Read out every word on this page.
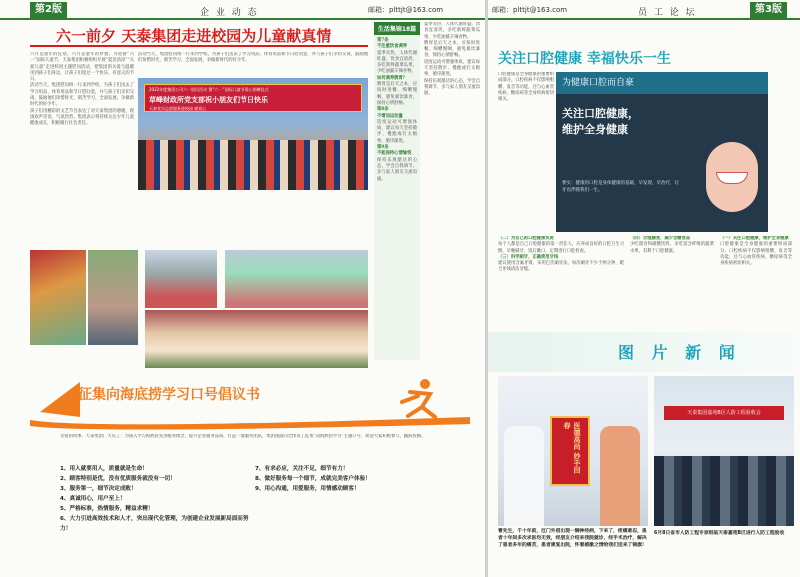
第2版	企 业 动 态	邮箱：plttjt@163.com
六一前夕 天泰集团走进校园为儿童献真情

六月是童年的狂欢，六月是童年的梦想。为迎接“六一”国际儿童节，天泰集团积极组织开展“夏送清凉”“关爱儿童”走进校园主题慰问活动，把集团的关爱与温暖送到孩子们身边，让孩子们度过一个快乐、有意义的节日。

活动当天，集团慰问组一行来到学校，为孩子们送去了学习用品、体育用品和节日慰问金，并与孩子们亲切交谈，鼓励他们珍惜时光、刻苦学习、全面发展，争做新时代的好少年。

孩子们用精彩的文艺节目表达了对天泰集团的感谢，现场欢声笑语，气氛热烈。集团表示将持续关注少年儿童健康成长，积极履行社会责任。

活动当天，集团慰问组一行来到学校，为孩子们送去了学习用品、体育用品和节日慰问金，并与孩子们亲切交谈，鼓励他们珍惜时光、刻苦学习、全面发展，争做新时代的好少年。

2022年度集团公司六一慰问活动 暨“六一”国际儿童节爱心捐赠仪式
草峰财政所党支部祝小朋友们节日快乐
天泰党员志愿服务进校园 献爱心
生活集锦18篇
第7条
不注重饮食调养
夏季炎热，人体代谢旺盛，饮食宜清淡，多吃新鲜蔬菜瓜果，少吃油腻辛辣食物。
如何调养脾胃？
脾胃是后天之本，应按时进餐、细嚼慢咽，避免暴饮暴食，保持心情舒畅。
第8条
不增加运动量
适度运动可增强体质，建议每天坚持散步、慢跑或打太极拳，循序渐进。
第9条
不能保持心情愉悦
保持乐观豁达的心态，学会自我调节，多与家人朋友交流沟通。
夏季炎热，人体代谢旺盛，饮食宜清淡，多吃新鲜蔬菜瓜果，少吃油腻辛辣食物。
脾胃是后天之本，应按时进餐、细嚼慢咽，避免暴饮暴食，保持心情舒畅。
适度运动可增强体质，建议每天坚持散步、慢跑或打太极拳，循序渐进。
保持乐观豁达的心态，学会自我调节，多与家人朋友交流沟通。
征集向海底捞学习口号倡议书
亲爱的同事、天泰集团广大员工：为深入学习海底捞先进服务理念，提升企业服务品质，打造一流服务团队，集团现面向全体员工征集“向海底捞学习”主题口号，欢迎大家积极参与，踊跃投稿。
1、用人就要用人，质量就是生命！
2、顾客特别是优，没有优质服务就没有一切！
3、服务第一，细节决定成败！
4、真诚用心，用户至上！
5、严格标准，热情服务，精益求精！
6、大力引进高效技术和人才，突出现代化管理，为创建企业发展新局面而努力！
7、有求必应，关注不足，细节有力！
8、做好服务每一个细节，成就完美客户体验！
9、用心沟通，用爱服务，用情感动顾客！
邮箱：plttjt@163.com	员 工 论 坛	第3版
关注口腔健康 幸福快乐一生
为健康口腔而自豪
关注口腔健康，
维护全身健康
要实：健康的口腔是身体健康的基础，早发现、早治疗，让牙齿伴随我们一生。
口腔健康是全身健康的重要组成部分。口腔疾病不仅影响咀嚼、发音等功能，还与心血管疾病、糖尿病等全身疾病密切相关。
（二）为自己的口腔健康负责
每个人都是自己口腔健康的第一责任人，应养成良好的口腔卫生习惯，早晚刷牙，饭后漱口，定期进行口腔检查。
（三）科学刷牙，正确使用牙线
建议使用含氟牙膏，采用巴氏刷牙法，每次刷牙不少于两分钟，配合牙线清洁牙缝。
（四）合理膳食，减少含糖食品
少吃甜食和碳酸饮料，多吃富含纤维的蔬菜水果，有利于口腔健康。
（一）关注口腔健康，维护全身健康
口腔健康是全身健康的重要组成部分。口腔疾病不仅影响咀嚼、发音等功能，还与心血管疾病、糖尿病等全身疾病密切相关。
图 片 新 闻
医德高尚 妙手回春
曹先生，千十年前，厄门外借出现一辆神经病，下来了，疼痛难忍，患者十年间多次求医均无效，经朋友介绍来我院就诊，经手术治疗，解决了患者多年的痛苦，患者康复出院，怀着感激之情给我们送来了锦旗！
天泰集团嘉苑B区人防工程验收会
6月8日省市人防工程专家组临天泰嘉苑B区进行人防工程验收
